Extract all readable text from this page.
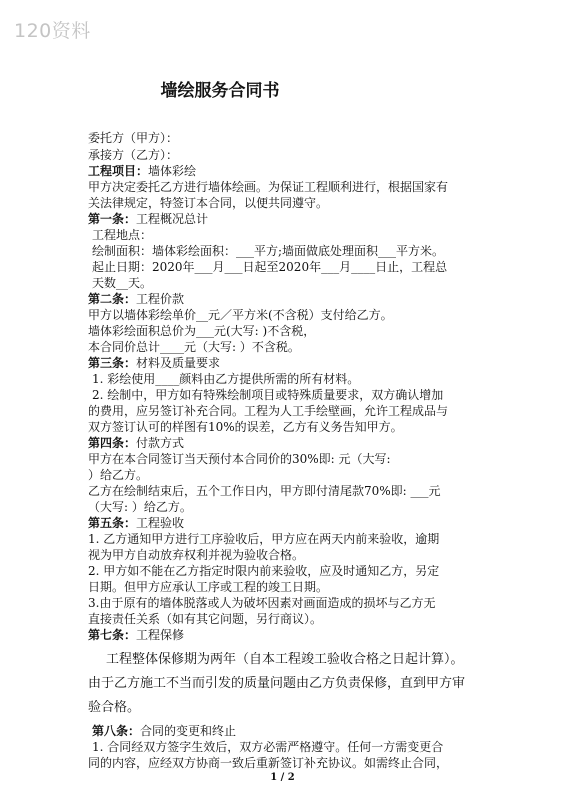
120资料
墙绘服务合同书
委托方（甲方）：
承接方（乙方）：
工程项目：墙体彩绘
甲方决定委托乙方进行墙体绘画。为保证工程顺利进行，根据国家有
关法律规定，特签订本合同，以便共同遵守。
第一条：工程概况总计
工程地点：
绘制面积：墙体彩绘面积：___平方;墙面做底处理面积___平方米。
起止日期：2020年___月___日起至2020年___月____日止，工程总
天数__天。
第二条：工程价款
甲方以墙体彩绘单价__元／平方米(不含税）支付给乙方。
墙体彩绘面积总价为___元(大写: )不含税，
本合同价总计____元（大写: ）不含税。
第三条：材料及质量要求
1. 彩绘使用____颜料由乙方提供所需的所有材料。
2. 绘制中，甲方如有特殊绘制项目或特殊质量要求，双方确认增加
的费用，应另签订补充合同。工程为人工手绘壁画，允许工程成品与
双方签订认可的样图有10%的误差，乙方有义务告知甲方。
第四条：付款方式
甲方在本合同签订当天预付本合同价的30%即: 元（大写:
）给乙方。
乙方在绘制结束后，五个工作日内，甲方即付清尾款70%即: ___元
（大写: ）给乙方。
第五条：工程验收
1. 乙方通知甲方进行工序验收后，甲方应在两天内前来验收，逾期
视为甲方自动放弃权利并视为验收合格。
2. 甲方如不能在乙方指定时限内前来验收，应及时通知乙方，另定
日期。但甲方应承认工序或工程的竣工日期。
3.由于原有的墙体脱落或人为破坏因素对画面造成的损坏与乙方无
直接责任关系（如有其它问题，另行商议）。
第七条：工程保修
工程整体保修期为两年（自本工程竣工验收合格之日起计算）。
由于乙方施工不当而引发的质量问题由乙方负责保修，直到甲方审
验合格。
第八条：合同的变更和终止
1. 合同经双方签字生效后，双方必需严格遵守。任何一方需变更合
同的内容，应经双方协商一致后重新签订补充协议。如需终止合同，
1 / 2
